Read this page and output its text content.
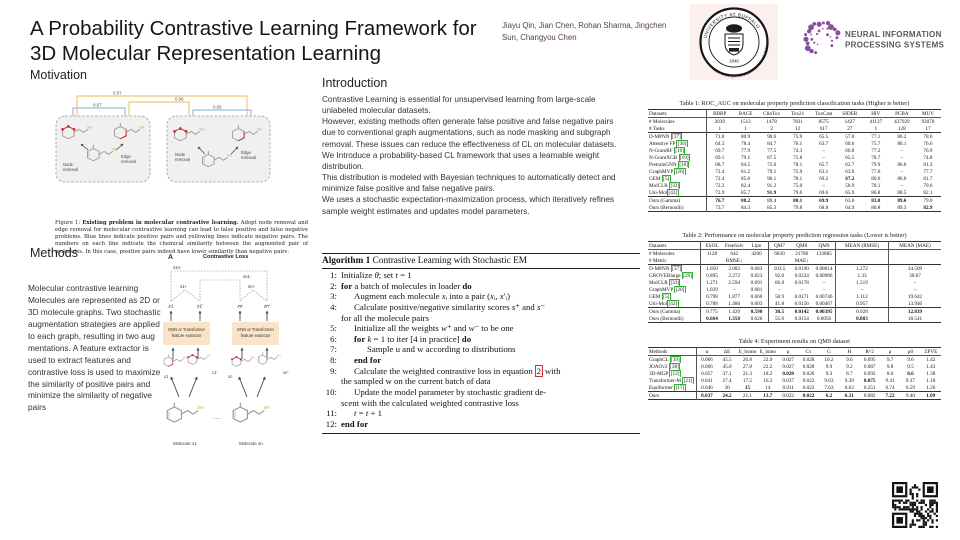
A Probability Contrastive Learning Framework for
3D Molecular Representation Learning
Jiayu Qin, Jian Chen, Rohan Sharma, Jingchen Sun, Changyou Chen	UNIVERSITY AT BUFFALO
THE STATE UNIVERSITY OF NEW YORK
1846
NEURAL INFORMATION
PROCESSING SYSTEMS
Motivation
0.97
0.96
0.67	0.65
Node
removal
Edge
removal
Node
removal
Edge
removal
Figure 1: Existing problem in molecular contrastive learning. Adopt node removal and edge removal for molecular contrastive learning can lead to false positive and false negative problems. Blue lines indicate positive pairs and yellowing lines indicate negative pairs. The numbers on each line indicate the chemical similarity between the augmented pair of molecules. In this case, positive pairs indeed have lower similarity than negative pairs.
Methods
Molecular contrastive learning Molecules are represented as 2D or 3D molecule graphs. Two stochastic augmentation strategies are applied to each graph, resulting in two aug mentations. A feature extractor is used to extract features and contrastive loss is used to maximize the similarity of positive pairs and minimize the similarity of negative pairs
A	Contrastive Loss
s1n-
sn1-
s1+	sn+
z1	z1'	zn	zn'
GNN or Transformer
feature extractor
GNN or Transformer
feature extractor
x1
x1'
xn
xn'
......
Molecule x1	Molecule xn
Introduction
Contrastive Learning is essential for unsupervised learning from large-scale unlabeled molecular datasets.
However, existing methods often generate false positive and false negative pairs due to conventional graph augmentations, such as node masking and subgraph removal. These issues can reduce the effectiveness of CL on molecular datasets.
We Introduce a probability-based CL framework that uses a learnable weight distribution.
This distribution is modeled with Bayesian techniques to automatically detect and minimize false positive and false negative pairs.
We uses a stochastic expectation-maximization process, which iteratively refines sample weight estimates and updates model parameters.
Algorithm 1 Contrastive Learning with Stochastic EM
1: Initialize θ; set t = 1
2: for a batch of molecules in loader do
3:	Augment each molecule xᵢ into a pair (xᵢ, x′ᵢ)
4:	Calculate positive/negative similarity scores s⁺ and s⁻
for all the molecule pairs
5:	Initialize all the weights w⁺ and w⁻ to be one
6:	for k = 1 to iter [4 in practice] do
7:	Sample u and w according to distributions
8:	end for
9:	Calculate the weighted contrastive loss in equation 2 with
the sampled w on the current batch of data
10:	Update the model parameter by stochastic gradient de-
scent with the calculated weighted contrastive loss
11:	t = t + 1
12: end for
Table 1: ROC_AUC on molecular property prediction classification tasks (Higher is better)
Datasets	BBBP	BACE	ClinTox	Tox21	ToxCast	SIDER	HIV	PCBA	MUV
# Molecules	2039	1513	1478	7831	8575	1427	41127	437929	93078
# Tasks	1	1	2	12	617	27	1	128	17
D-MPNN [37]	71.0	80.9	90.6	75.9	65.5	57.0	77.1	86.2	78.6
Attentive FP [36]	64.3	78.4	84.7	76.1	63.7	60.6	75.7	80.1	76.6
N-GramRF [19]	69.7	77.9	77.5	74.3	–	66.8	77.2	–	76.9
N-GramXGB [19]	69.1	79.1	87.5	75.8	–	65.5	78.7	–	74.8
PretrainGNN [10]	68.7	84.5	72.6	78.1	65.7	62.7	79.9	86.0	81.3
GraphMVP [20]	72.4	81.2	79.1	75.9	63.1	63.9	77.0	–	77.7
GEM [5]	72.4	85.6	90.1	78.1	69.2	67.2	80.6	86.6	81.7
MolCLR [33]	72.2	82.4	91.2	75.0	–	58.9	78.1	–	79.6
Uni-Mol[42]	72.9	85.7	91.9	79.6	69.6	65.9	80.8	88.5	82.1
Ours (Gamma)	76.7	88.2	89.4	80.1	69.9	63.6	83.0	89.6	79.0
Ours (Bernoulli)	73.7	84.3	85.3	79.8	68.8	64.9	80.8	89.3	82.9
Table 2: Performance on molecular property prediction regression tasks (Lower is better)
Datasets	ESOL	FreeSolv	Lipo	QM7	QM8	QM9	MEAN (RMSE)	MEAN (MAE)
# Molecules	1128	642	4200	6830	21786	133885		
# Metric		RMSE↓			MAE↓			
D-MPNN [37]	1.050	2.082	0.683	103.5	0.0190	0.00814	1.272	34.509
GROVERlarge [29]	0.895	2.272	0.823	92.0	0.0224	0.00986	1.33	30.67
MolCLR [33]	1.271	2.594	0.691	66.8	0.0178	–	1.519	–
GraphMVP [20]	1.029	–	0.681	–	–	–	–	–
GEM [5]	0.798	1.877	0.660	58.9	0.0171	0.00746	1.112	19.642
Uni-Mol[42]	0.788	1.480	0.603	41.8	0.0156	0.00467	0.957	13.940
Ours (Gamma)	0.775	1.420	0.590	38.5	0.0142	0.00395	0.928	12.839
Ours (Bernoulli)	0.664	1.358	0.626	55.6	0.0154	0.0056	0.883	18.541
Table 4: Experiment results on QM9 dataset
Methods	α	ΔE	E_homo	E_lumo	μ	Cv	G	H	R^2	μ	μ0	ZPVE
GraphCL [39]	0.066	45.5	26.8	22.9	0.027	0.028	10.2	9.6	0.095	9.7	9.6	1.42
JOAOv2 [38]	0.066	45.0	27.8	22.2	0.027	0.028	9.9	9.2	0.087	9.8	9.5	1.43
3D-MGP [12]	0.057	37.1	21.3	18.2	0.020	0.026	9.3	8.7	0.092	8.6	8.6	1.38
Transformer-M [21]	0.041	27.4	17.5	16.2	0.037	0.022	9.63	9.39	0.075	9.41	9.37	1.18
Equiformer [17]	0.046	30	15	14	0.011	0.023	7.63	6.63	0.251	6.74	6.59	1.26
Ours	0.037	24.2	21.1	13.7	0.022	0.022	6.2	6.31	0.082	7.22	9.40	1.09
